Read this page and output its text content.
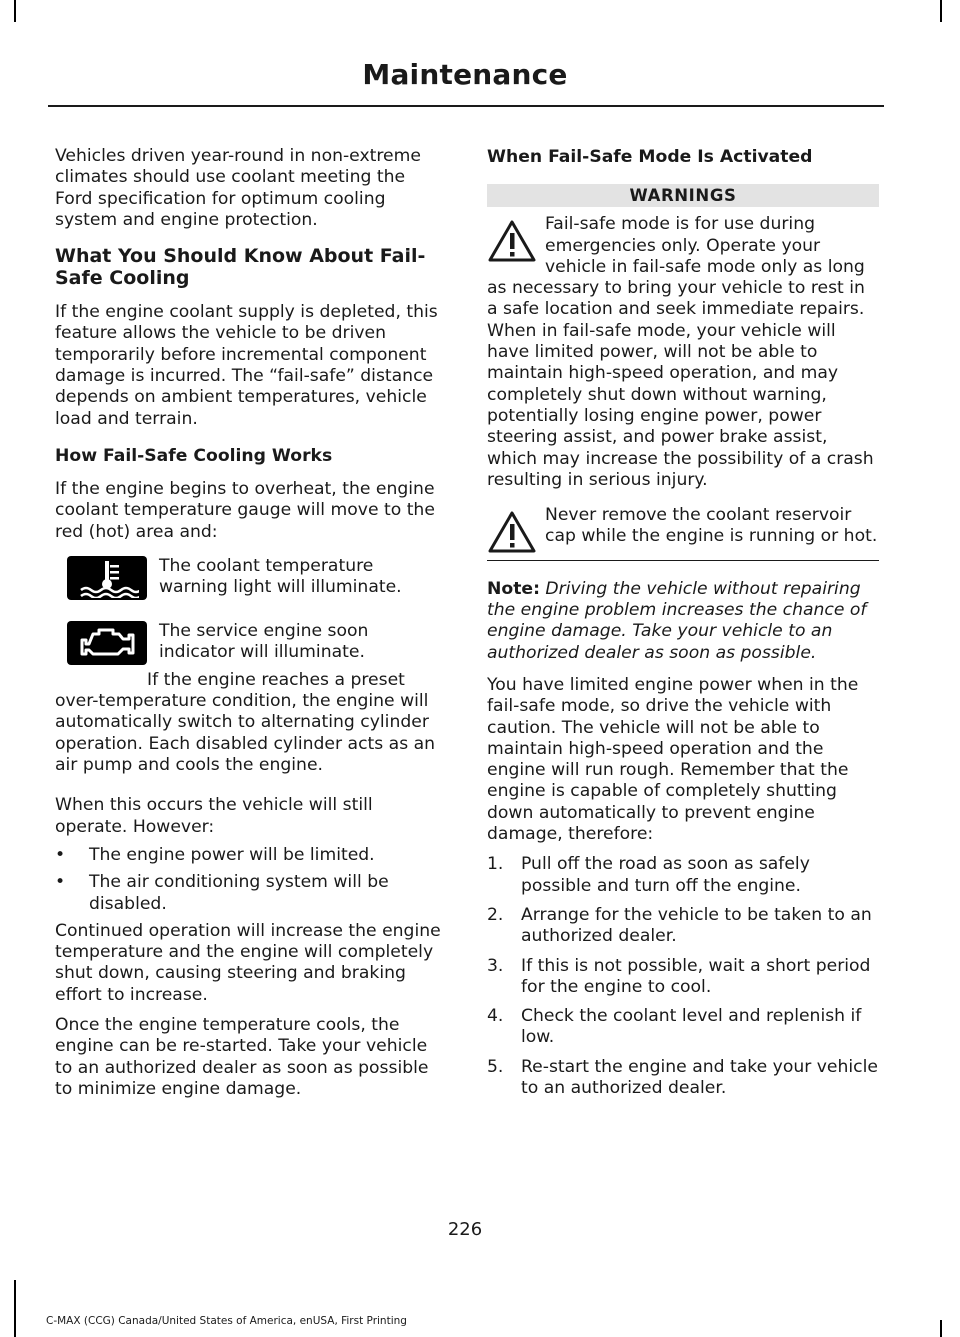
Maintenance

Vehicles driven year-round in non-extreme climates should use coolant meeting the Ford specification for optimum cooling system and engine protection.

What You Should Know About Fail-Safe Cooling

If the engine coolant supply is depleted, this feature allows the vehicle to be driven temporarily before incremental component damage is incurred. The “fail-safe” distance depends on ambient temperatures, vehicle load and terrain.

How Fail-Safe Cooling Works

If the engine begins to overheat, the engine coolant temperature gauge will move to the red (hot) area and:

The coolant temperature warning light will illuminate.
The service engine soon indicator will illuminate.

If the engine reaches a preset over-temperature condition, the engine will automatically switch to alternating cylinder operation. Each disabled cylinder acts as an air pump and cools the engine.

When this occurs the vehicle will still operate. However:

• The engine power will be limited.
• The air conditioning system will be disabled.

Continued operation will increase the engine temperature and the engine will completely shut down, causing steering and braking effort to increase.

Once the engine temperature cools, the engine can be re-started. Take your vehicle to an authorized dealer as soon as possible to minimize engine damage.

When Fail-Safe Mode Is Activated
WARNINGS
Fail-safe mode is for use during emergencies only. Operate your vehicle in fail-safe mode only as long as necessary to bring your vehicle to rest in a safe location and seek immediate repairs. When in fail-safe mode, your vehicle will have limited power, will not be able to maintain high-speed operation, and may completely shut down without warning, potentially losing engine power, power steering assist, and power brake assist, which may increase the possibility of a crash resulting in serious injury.
Never remove the coolant reservoir cap while the engine is running or hot.

Note: Driving the vehicle without repairing the engine problem increases the chance of engine damage. Take your vehicle to an authorized dealer as soon as possible.

You have limited engine power when in the fail-safe mode, so drive the vehicle with caution. The vehicle will not be able to maintain high-speed operation and the engine will run rough. Remember that the engine is capable of completely shutting down automatically to prevent engine damage, therefore:

1. Pull off the road as soon as safely possible and turn off the engine.
2. Arrange for the vehicle to be taken to an authorized dealer.
3. If this is not possible, wait a short period for the engine to cool.
4. Check the coolant level and replenish if low.
5. Re-start the engine and take your vehicle to an authorized dealer.
226
C-MAX (CCG) Canada/United States of America, enUSA, First Printing
